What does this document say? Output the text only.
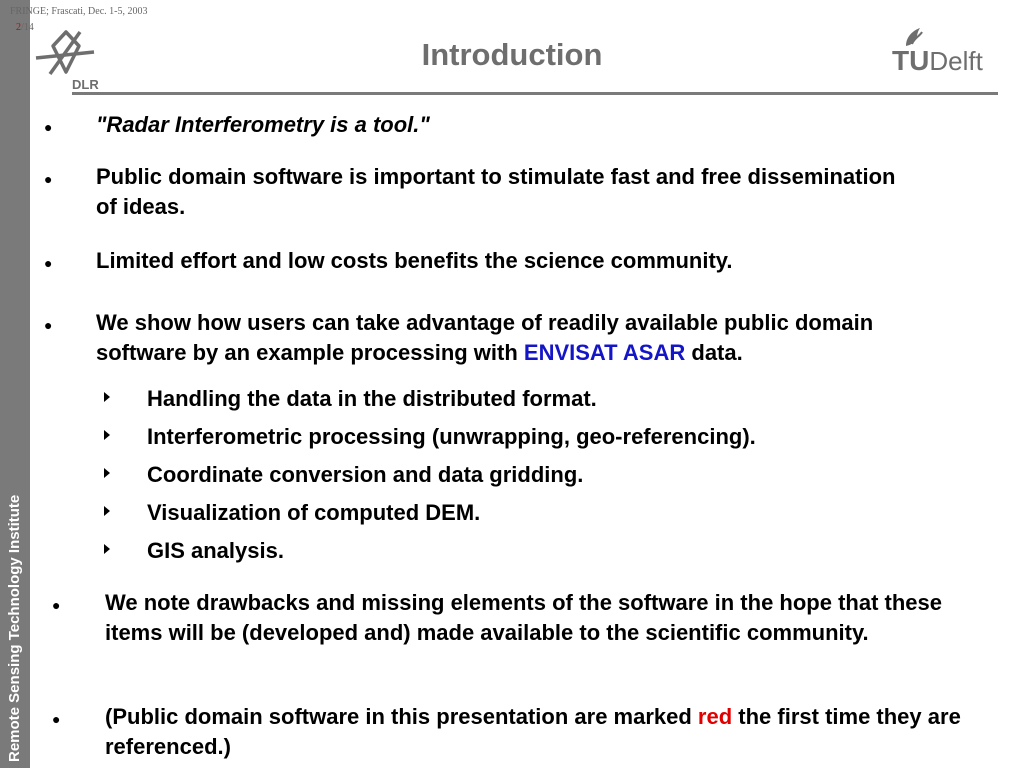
Remote Sensing Technology Institute
FRINGE; Frascati, Dec. 1-5, 2003
2/14
DLR
Introduction	TUDelft
● "Radar Interferometry is a tool."
● Public domain software is important to stimulate fast and free dissemination of ideas.
● Limited effort and low costs benefits the science community.
● We show how users can take advantage of readily available public domain software by an example processing with ENVISAT ASAR data.
Handling the data in the distributed format.
Interferometric processing (unwrapping, geo-referencing).
Coordinate conversion and data gridding.
Visualization of computed DEM.
GIS analysis.
● We note drawbacks and missing elements of the software in the hope that these items will be (developed and) made available to the scientific community.
● (Public domain software in this presentation are marked red the first time they are referenced.)
